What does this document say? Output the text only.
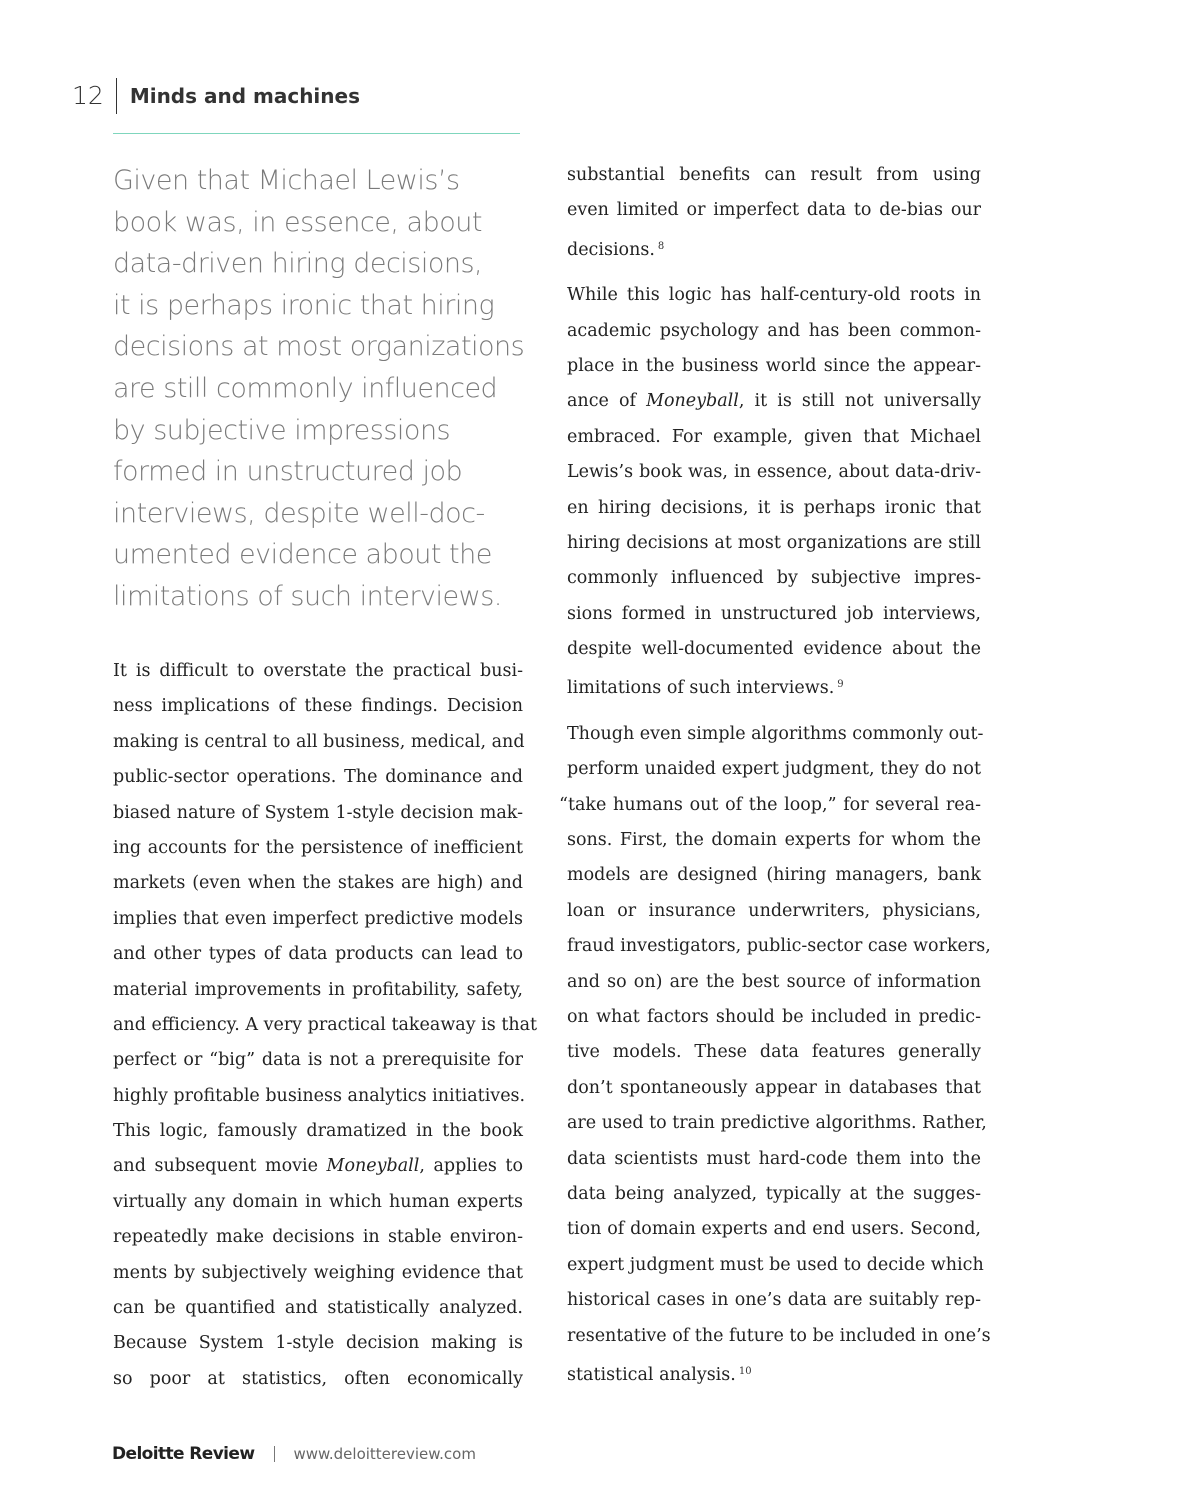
12	Minds and machines

Given that Michael Lewis’s
book was, in essence, about
data-driven hiring decisions,
it is perhaps ironic that hiring
decisions at most organizations
are still commonly influenced
by subjective impressions
formed in unstructured job
interviews, despite well-doc-
umented evidence about the
limitations of such interviews.

It is difficult to overstate the practical busi-
ness implications of these findings. Decision
making is central to all business, medical, and
public-sector operations. The dominance and
biased nature of System 1-style decision mak-
ing accounts for the persistence of inefficient
markets (even when the stakes are high) and
implies that even imperfect predictive models
and other types of data products can lead to
material improvements in profitability, safety,
and efficiency. A very practical takeaway is that
perfect or “big” data is not a prerequisite for
highly profitable business analytics initiatives.
This logic, famously dramatized in the book
and subsequent movie Moneyball, applies to
virtually any domain in which human experts
repeatedly make decisions in stable environ-
ments by subjectively weighing evidence that
can be quantified and statistically analyzed.
Because System 1-style decision making is
so poor at statistics, often economically
substantial benefits can result from using
even limited or imperfect data to de-bias our
decisions. $^8$
While this logic has half-century-old roots in
academic psychology and has been common-
place in the business world since the appear-
ance of Moneyball, it is still not universally
embraced. For example, given that Michael
Lewis’s book was, in essence, about data-driv-
en hiring decisions, it is perhaps ironic that
hiring decisions at most organizations are still
commonly influenced by subjective impres-
sions formed in unstructured job interviews,
despite well-documented evidence about the
limitations of such interviews. $^9$
Though even simple algorithms commonly out-
perform unaided expert judgment, they do not
“take humans out of the loop,” for several rea-
sons. First, the domain experts for whom the
models are designed (hiring managers, bank
loan or insurance underwriters, physicians,
fraud investigators, public-sector case workers,
and so on) are the best source of information
on what factors should be included in predic-
tive models. These data features generally
don’t spontaneously appear in databases that
are used to train predictive algorithms. Rather,
data scientists must hard-code them into the
data being analyzed, typically at the sugges-
tion of domain experts and end users. Second,
expert judgment must be used to decide which
historical cases in one’s data are suitably rep-
resentative of the future to be included in one’s
statistical analysis. $^{10}$
Deloitte Review	www.deloittereview.com
